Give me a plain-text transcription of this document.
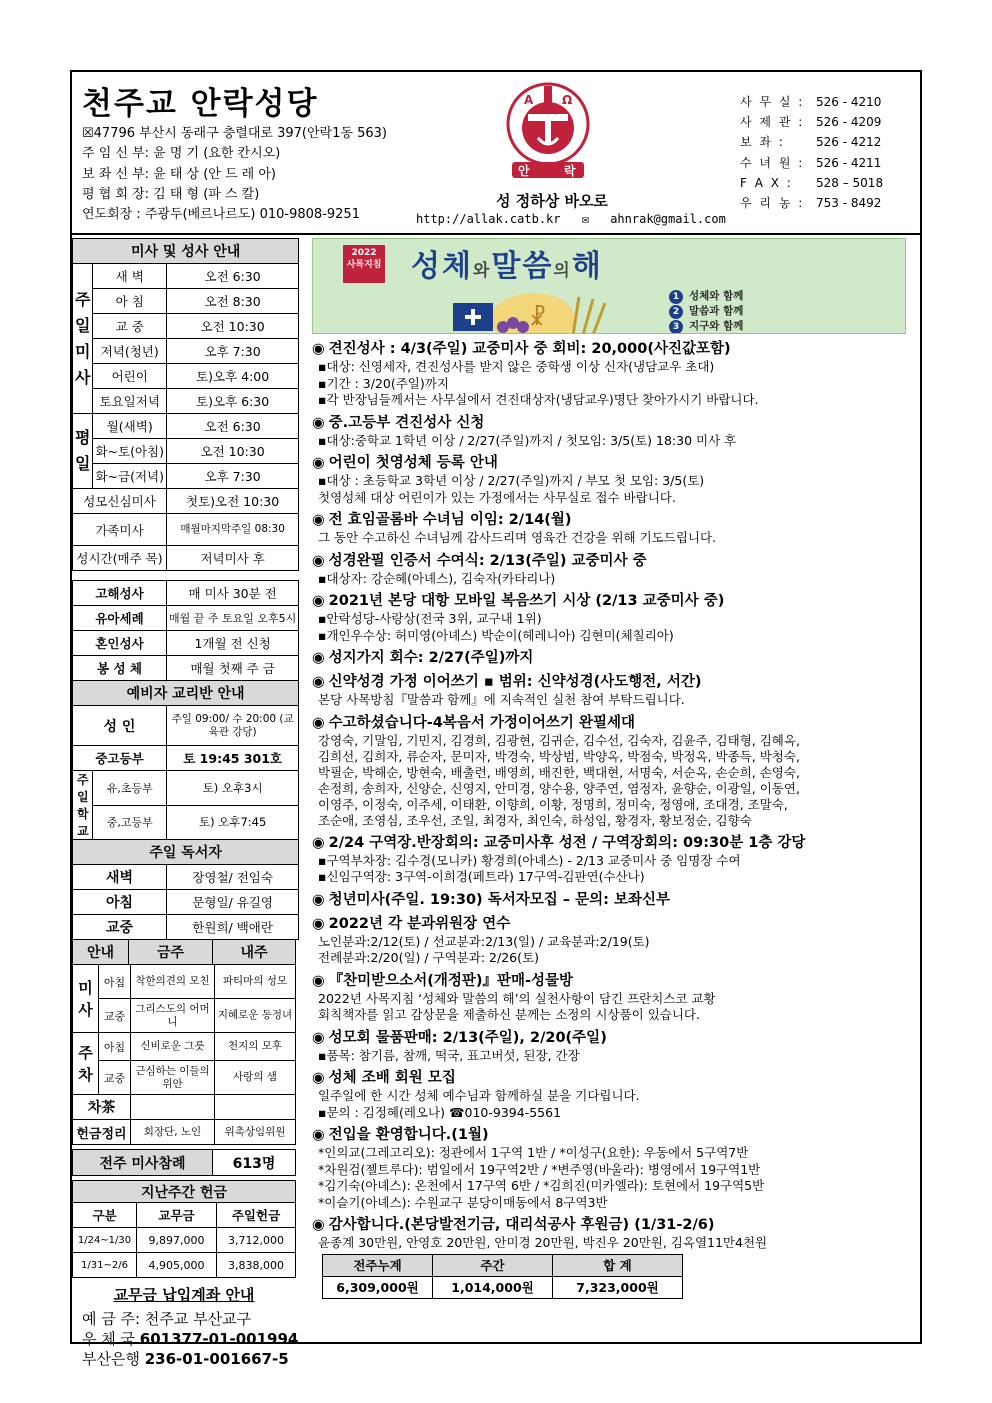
천주교 안락성당
☒47796 부산시 동래구 충렬대로 397(안락1동 563)
주 임 신 부: 윤 명 기 (요한 칸시오)
보 좌 신 부: 윤 태 상 (안 드 레 아)
평 협 회 장: 김 태 형 (파 스 칼)
연도회장 : 주광두(베르나르도) 010-9808-9251
A Ω
안	락
성 정하상 바오로
http://allak.catb.kr ✉ ahnrak@gmail.com
사 무 실 : 526 - 4210
사 제 관 : 526 - 4209
보 좌 :	526 - 4212
수 녀 원 : 526 - 4211
F A X :	528 – 5018
우 리 농 : 753 - 8492
미사 및 성사 안내		
주일미사	새 벽	오전 6:30
	아 침	오전 8:30
	교 중	오전 10:30
	저녁(청년)	오후 7:30
	어린이	토)오후 4:00
	토요일저녁	토)오후 6:30
평일	월(새벽)	오전 6:30
	화~토(아침)	오전 10:30
	화~금(저녁)	오후 7:30
성모신심미사		첫토)오전 10:30
가족미사		매월마지막주일 08:30
성시간(매주 목)		저녁미사 후

고해성사		매 미사 30분 전
유아세례		매월 끝 주 토요일 오후5시
혼인성사		1개월 전 신청
봉 성 체		매월 첫째 주 금
예비자 교리반 안내		
성 인		주일 09:00/ 수 20:00 (교육관 강당)
중고등부		토 19:45 301호
주일학교	유,초등부	토) 오후3시
	중,고등부	토) 오후7:45
주일 독서자		
새벽		장영철/ 전임숙
아침		문형일/ 유길영
교중		한원희/ 백애란
안내	금주	내주
미사	아침	착한의견의 모친	파티마의 성모
	교중	그리스도의 어머니	지혜로운 동정녀
주차	아침	신비로운 그릇	천지의 모후
	교중	근심하는 이들의 위안	사랑의 샘
차茶			
헌금정리		회장단, 노인	위촉상임위원
전주 미사참례	613명
지난주간 헌금		
구분	교무금	주일헌금
1/24~1/30	9,897,000	3,712,000
1/31~2/6	4,905,000	3,838,000
교무금 납입계좌 안내
예 금 주: 천주교 부산교구
우 체 국 601377-01-001994
부산은행 236-01-001667-5
2022
사목지침 성체와말씀의해
☧
1 성체와 함께
2 말씀과 함께
3 지구와 함께
◉ 견진성사 : 4/3(주일) 교중미사 중 회비: 20,000(사진값포함)
▪대상: 신영세자, 견진성사를 받지 않은 중학생 이상 신자(냉담교우 초대)
▪기간 : 3/20(주일)까지
▪각 반장님들께서는 사무실에서 견진대상자(냉담교우)명단 찾아가시기 바랍니다.
◉ 중.고등부 견진성사 신청
▪대상:중학교 1학년 이상 / 2/27(주일)까지 / 첫모임: 3/5(토) 18:30 미사 후
◉ 어린이 첫영성체 등록 안내
▪대상 : 초등학교 3학년 이상 / 2/27(주일)까지 / 부모 첫 모임: 3/5(토)
첫영성체 대상 어린이가 있는 가정에서는 사무실로 접수 바랍니다.
◉ 전 효임골롬바 수녀님 이임: 2/14(월)
그 동안 수고하신 수녀님께 감사드리며 영육간 건강을 위해 기도드립니다.
◉ 성경완필 인증서 수여식: 2/13(주일) 교중미사 중
▪대상자: 강순혜(아녜스), 김숙자(카타리나)
◉ 2021년 본당 대항 모바일 복음쓰기 시상 (2/13 교중미사 중)
▪안락성당-사랑상(전국 3위, 교구내 1위)
▪개인우수상: 허미영(아녜스) 박순이(헤레니아) 김현미(체칠리아)
◉ 성지가지 회수: 2/27(주일)까지
◉ 신약성경 가정 이어쓰기 ▪ 범위: 신약성경(사도행전, 서간)
본당 사목방침『말씀과 함께』에 지속적인 실천 참여 부탁드립니다.
◉ 수고하셨습니다-4복음서 가정이어쓰기 완필세대
강영숙, 기말임, 기민지, 김경희, 김광현, 김귀순, 김수선, 김숙자, 김윤주, 김태형, 김혜옥, 김희선, 김희자, 류순자, 문미자, 박경숙, 박상범, 박양옥, 박점숙, 박정옥, 박종득, 박청숙, 박필순, 박해순, 방현숙, 배출련, 배영희, 배진한, 백대현, 서명숙, 서순옥, 손순희, 손영숙, 손정희, 송희자, 신양순, 신영지, 안미경, 양수용, 양주연, 염정자, 윤향순, 이광일, 이동연, 이영주, 이정숙, 이주세, 이태환, 이향희, 이황, 정명희, 정미숙, 정영애, 조대경, 조말숙, 조순애, 조영심, 조우선, 조일, 최경자, 최인숙, 하성임, 황경자, 황보정순, 김향숙
◉ 2/24 구역장.반장회의: 교중미사후 성전 / 구역장회의: 09:30분 1층 강당
▪구역부차장: 김수경(모니카) 황경희(아녜스) - 2/13 교중미사 중 임명장 수여
▪신임구역장: 3구역-이희경(페트라) 17구역-김판연(수산나)
◉ 청년미사(주일. 19:30) 독서자모집 – 문의: 보좌신부
◉ 2022년 각 분과위원장 연수
노인분과:2/12(토) / 선교분과:2/13(일) / 교육분과:2/19(토)
전례분과:2/20(일) / 구역분과: 2/26(토)
◉ 『찬미받으소서(개정판)』판매-성물방
2022년 사목지침 ‘성체와 말씀의 해’의 실천사항이 담긴 프란치스코 교황
회칙책자를 읽고 감상문을 제출하신 분께는 소정의 시상품이 있습니다.
◉ 성모회 물품판매: 2/13(주일), 2/20(주일)
▪품목: 참기름, 참깨, 떡국, 표고버섯, 된장, 간장
◉ 성체 조배 회원 모집
일주일에 한 시간 성체 예수님과 함께하실 분을 기다립니다.
▪문의 : 김정혜(레오나) ☎010-9394-5561
◉ 전입을 환영합니다.(1월)
*인의교(그레고리오): 정관에서 1구역 1반 / *이성구(요한): 우동에서 5구역7반
*차원검(젤트루다): 범일에서 19구역2반 / *변주영(바울라): 병영에서 19구역1반
*김기숙(아녜스): 온천에서 17구역 6반 / *김희진(미카엘라): 토현에서 19구역5반
*이슬기(아녜스): 수원교구 분당이매동에서 8구역3반
◉ 감사합니다.(본당발전기금, 대리석공사 후원금) (1/31-2/6)
윤종계 30만원, 안영호 20만원, 안미경 20만원, 박진우 20만원, 김옥열11만4천원
전주누계	주간	합 계
6,309,000원	1,014,000원	7,323,000원
